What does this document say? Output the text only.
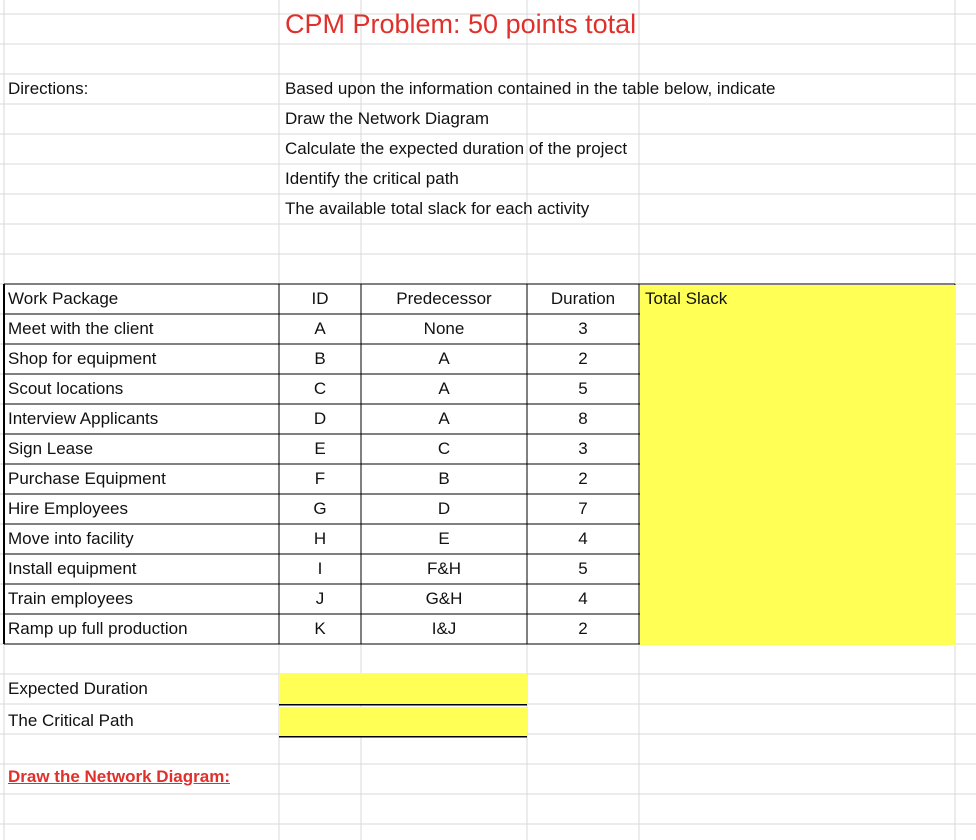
CPM Problem: 50 points total
Directions:	Based upon the information contained in the table below, indicate
Draw the Network Diagram
Calculate the expected duration of the project
Identify the critical path
The available total slack for each activity
Work Package	ID	Predecessor	Duration	Total Slack
Meet with the client	A	None	3
Shop for equipment	B	A	2
Scout locations	C	A	5
Interview Applicants	D	A	8
Sign Lease	E	C	3
Purchase Equipment	F	B	2
Hire Employees	G	D	7
Move into facility	H	E	4
Install equipment	I	F&H	5
Train employees	J	G&H	4
Ramp up full production	K	I&J	2
Expected Duration
The Critical Path
Draw the Network Diagram:
